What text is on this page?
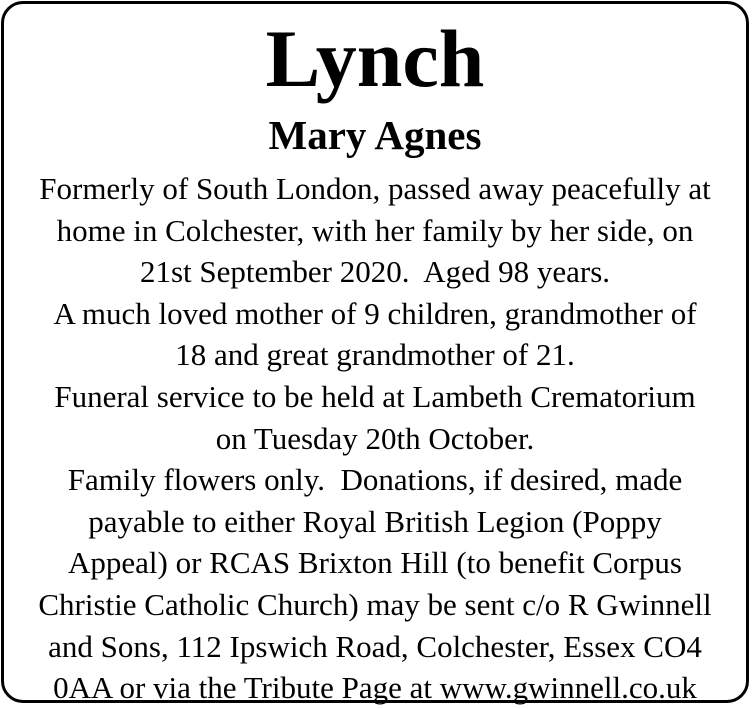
Lynch
Mary Agnes
Formerly of South London, passed away peacefully at
home in Colchester, with her family by her side, on
21st September 2020.  Aged 98 years.
A much loved mother of 9 children, grandmother of
18 and great grandmother of 21.
Funeral service to be held at Lambeth Crematorium
on Tuesday 20th October.
Family flowers only.  Donations, if desired, made
payable to either Royal British Legion (Poppy
Appeal) or RCAS Brixton Hill (to benefit Corpus
Christie Catholic Church) may be sent c/o R Gwinnell
and Sons, 112 Ipswich Road, Colchester, Essex CO4
0AA or via the Tribute Page at www.gwinnell.co.uk
